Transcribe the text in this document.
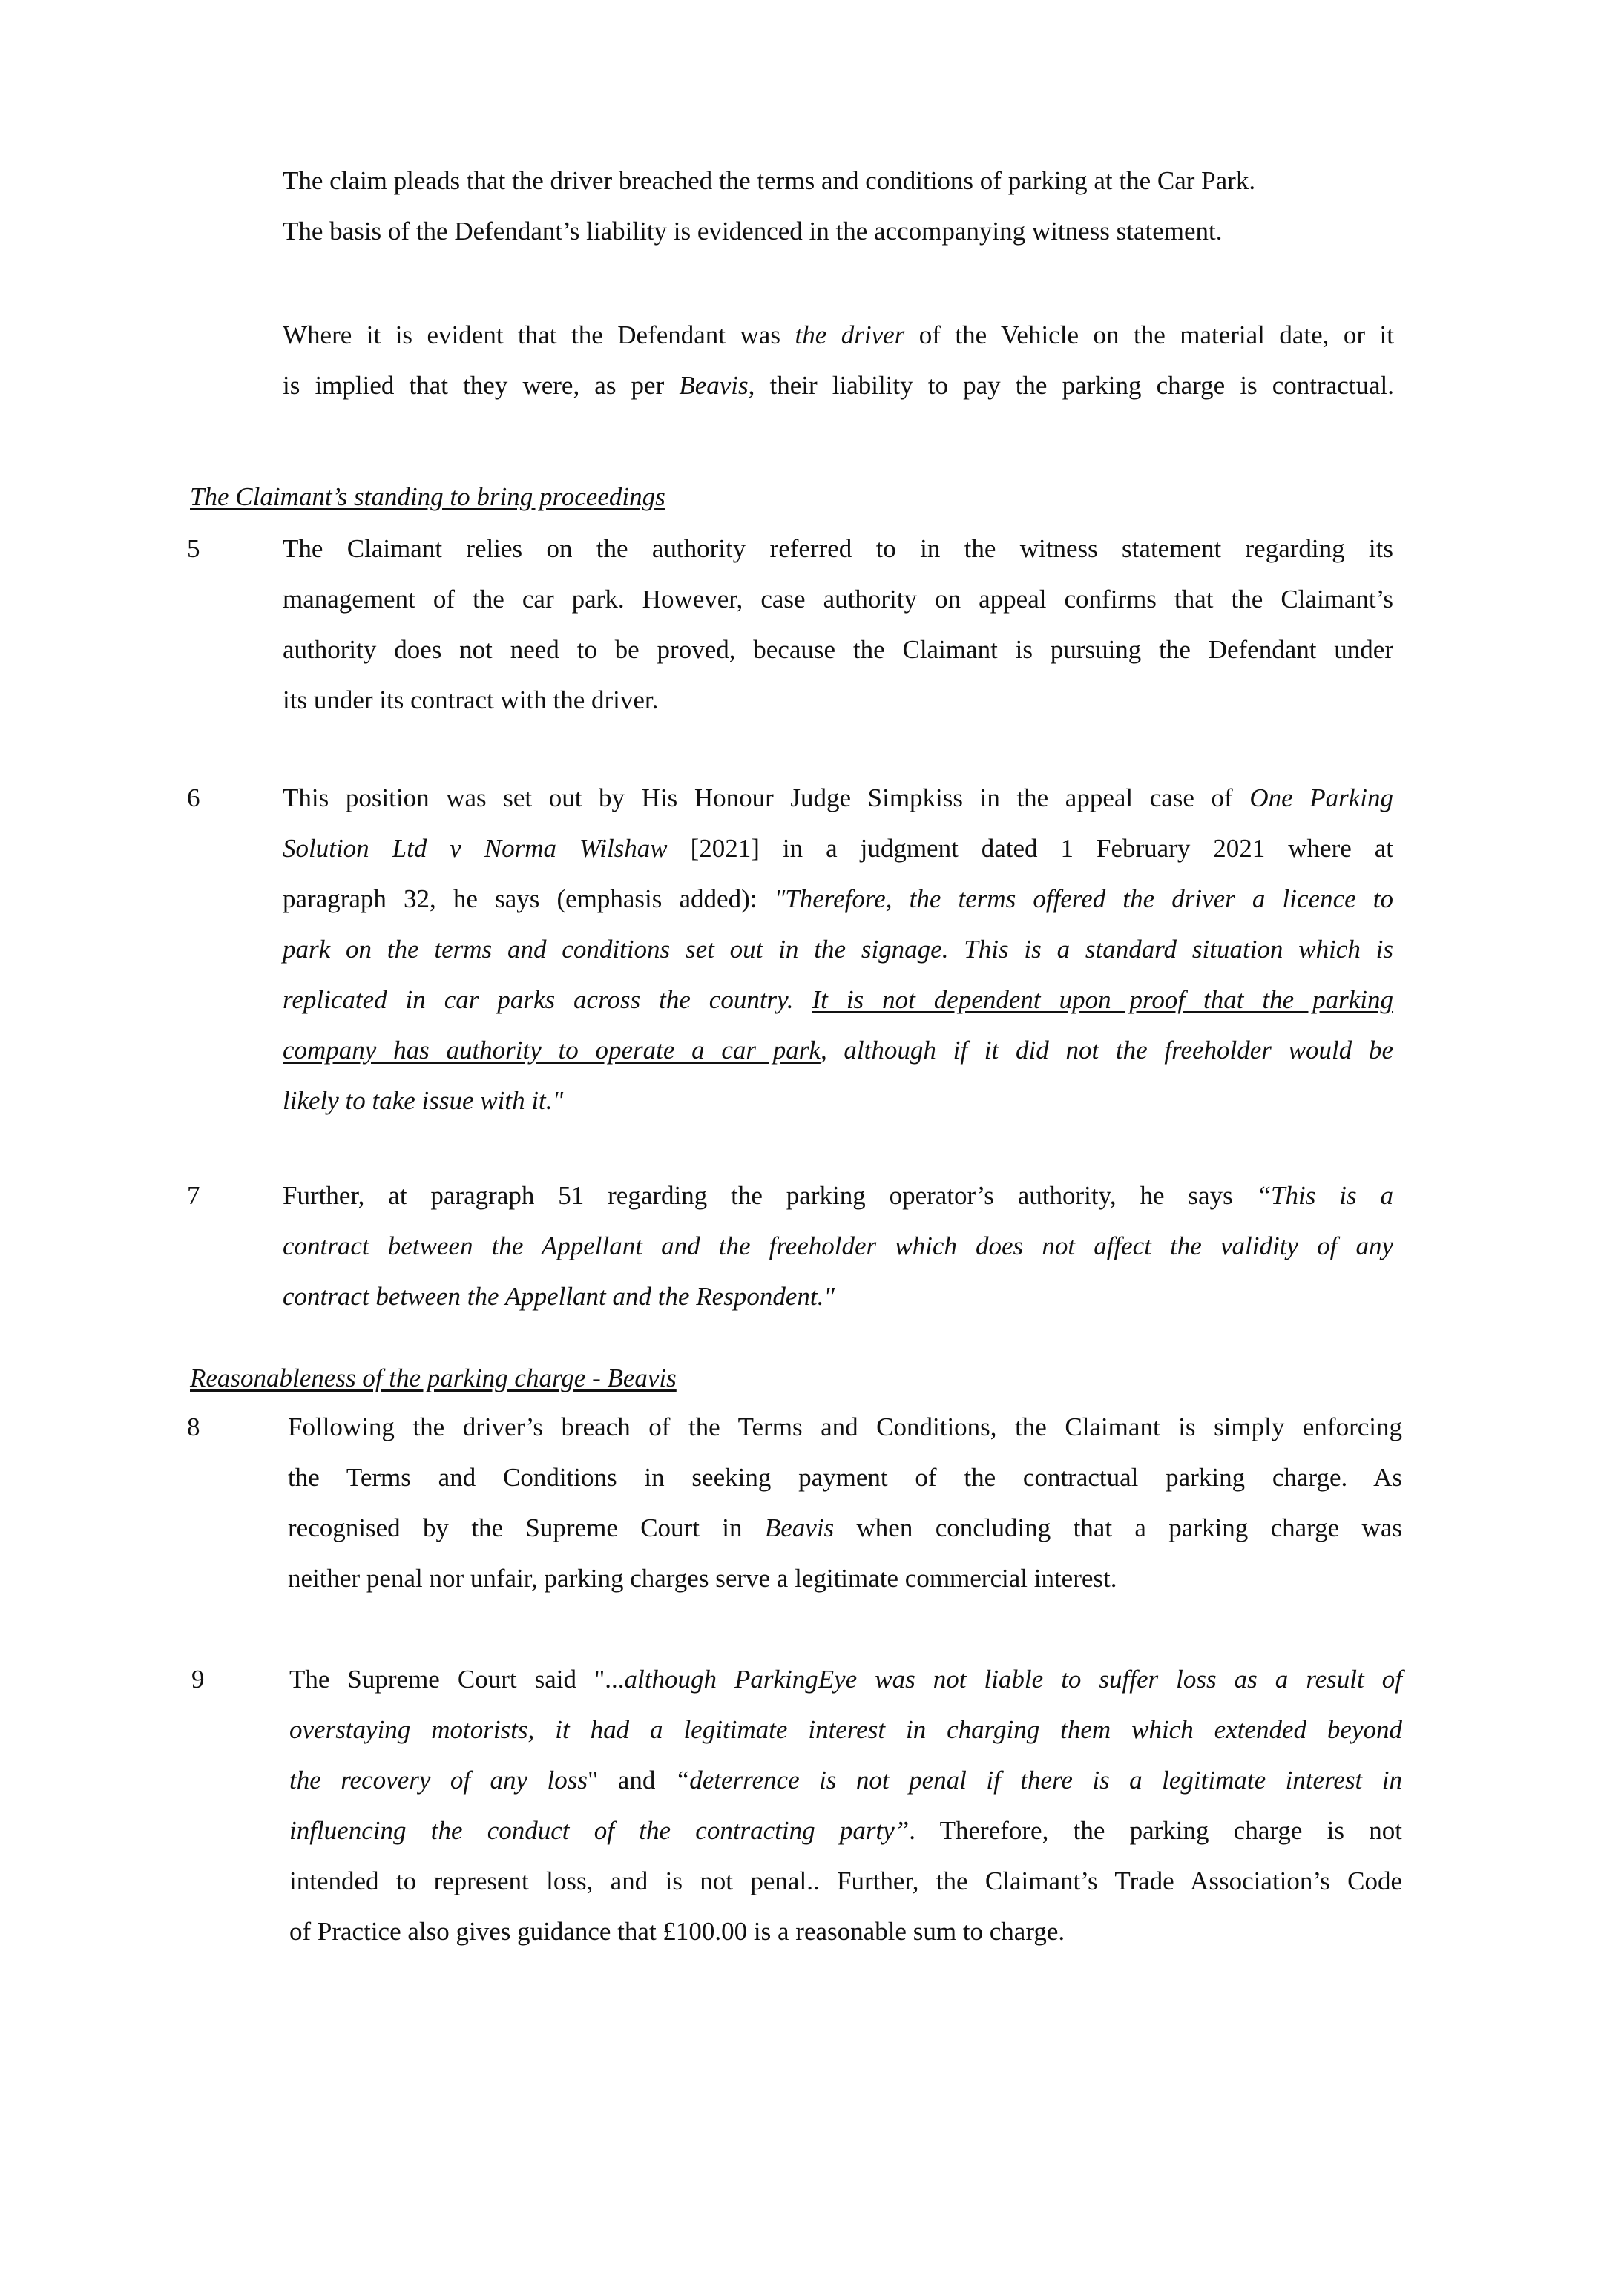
The claim pleads that the driver breached the terms and conditions of parking at the Car Park.
The basis of the Defendant’s liability is evidenced in the accompanying witness statement.
Where it is evident that the Defendant was the driver of the Vehicle on the material date, or it
is implied that they were, as per Beavis, their liability to pay the parking charge is contractual.
The Claimant’s standing to bring proceedings
5	The Claimant relies on the authority referred to in the witness statement regarding its
management of the car park. However, case authority on appeal confirms that the Claimant’s
authority does not need to be proved, because the Claimant is pursuing the Defendant under
its under its contract with the driver.
6	This position was set out by His Honour Judge Simpkiss in the appeal case of One Parking
Solution Ltd v Norma Wilshaw [2021] in a judgment dated 1 February 2021 where at
paragraph 32, he says (emphasis added): "Therefore, the terms offered the driver a licence to
park on the terms and conditions set out in the signage. This is a standard situation which is
replicated in car parks across the country. It is not dependent upon proof that the parking
company has authority to operate a car park, although if it did not the freeholder would be
likely to take issue with it."
7	Further, at paragraph 51 regarding the parking operator’s authority, he says “This is a
contract between the Appellant and the freeholder which does not affect the validity of any
contract between the Appellant and the Respondent."
Reasonableness of the parking charge - Beavis
8	Following the driver’s breach of the Terms and Conditions, the Claimant is simply enforcing
the Terms and Conditions in seeking payment of the contractual parking charge. As
recognised by the Supreme Court in Beavis when concluding that a parking charge was
neither penal nor unfair, parking charges serve a legitimate commercial interest.
9	The Supreme Court said "...although ParkingEye was not liable to suffer loss as a result of
overstaying motorists, it had a legitimate interest in charging them which extended beyond
the recovery of any loss" and “deterrence is not penal if there is a legitimate interest in
influencing the conduct of the contracting party”. Therefore, the parking charge is not
intended to represent loss, and is not penal.. Further, the Claimant’s Trade Association’s Code
of Practice also gives guidance that £100.00 is a reasonable sum to charge.
